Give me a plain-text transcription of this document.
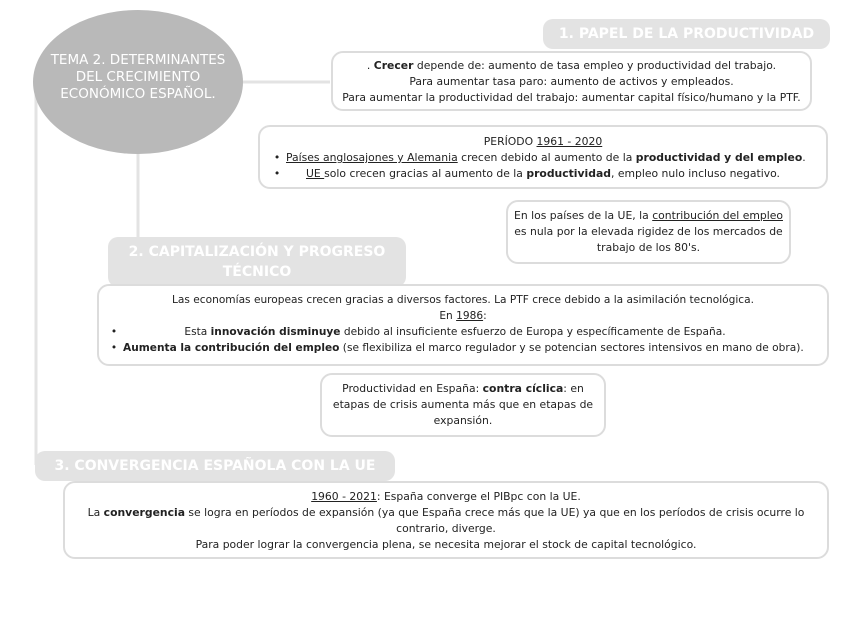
TEMA 2. DETERMINANTES
DEL CRECIMIENTO
ECONÓMICO ESPAÑOL.
1. PAPEL DE LA PRODUCTIVIDAD
. Crecer depende de: aumento de tasa empleo y productividad del trabajo.
Para aumentar tasa paro: aumento de activos y empleados.
Para aumentar la productividad del trabajo: aumentar capital físico/humano y la PTF.
PERÍODO 1961 - 2020
• Países anglosajones y Alemania crecen debido al aumento de la productividad y del empleo.
•	UE solo crecen gracias al aumento de la productividad, empleo nulo incluso negativo.
En los países de la UE, la contribución del empleo
es nula por la elevada rigidez de los mercados de
trabajo de los 80's.
2. CAPITALIZACIÓN Y PROGRESO
TÉCNICO
Las economías europeas crecen gracias a diversos factores. La PTF crece debido a la asimilación tecnológica.
En 1986:
•	Esta innovación disminuye debido al insuficiente esfuerzo de Europa y específicamente de España.
• Aumenta la contribución del empleo (se flexibiliza el marco regulador y se potencian sectores intensivos en mano de obra).
Productividad en España: contra cíclica: en
etapas de crisis aumenta más que en etapas de
expansión.
3. CONVERGENCIA ESPAÑOLA CON LA UE
1960 - 2021: España converge el PIBpc con la UE.
La convergencia se logra en períodos de expansión (ya que España crece más que la UE) ya que en los períodos de crisis ocurre lo
contrario, diverge.
Para poder lograr la convergencia plena, se necesita mejorar el stock de capital tecnológico.
